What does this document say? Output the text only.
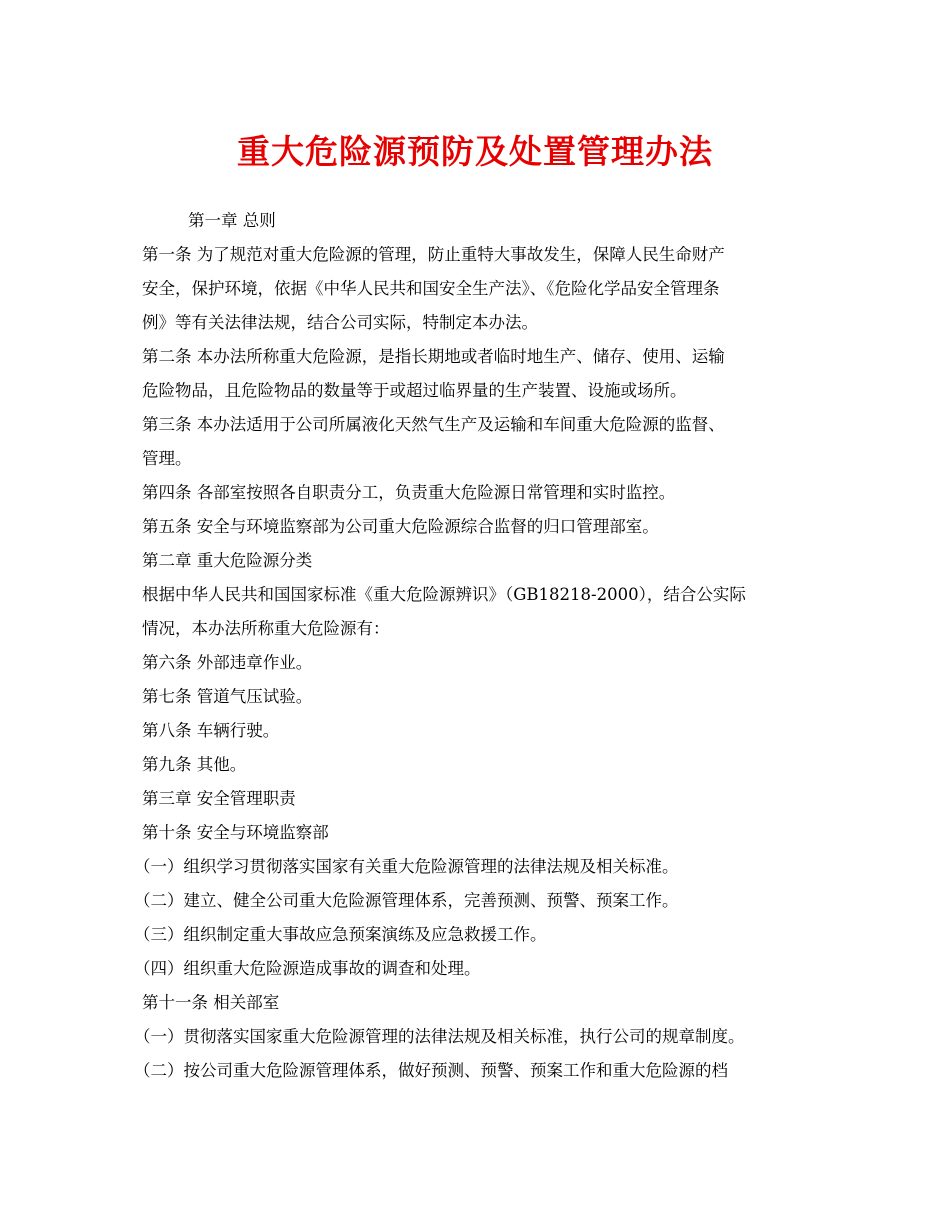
重大危险源预防及处置管理办法
第一章 总则
第一条 为了规范对重大危险源的管理，防止重特大事故发生，保障人民生命财产
安全，保护环境，依据《中华人民共和国安全生产法》、《危险化学品安全管理条
例》等有关法律法规，结合公司实际，特制定本办法。
第二条 本办法所称重大危险源，是指长期地或者临时地生产、储存、使用、运输
危险物品，且危险物品的数量等于或超过临界量的生产装置、设施或场所。
第三条 本办法适用于公司所属液化天然气生产及运输和车间重大危险源的监督、
管理。
第四条 各部室按照各自职责分工，负责重大危险源日常管理和实时监控。
第五条 安全与环境监察部为公司重大危险源综合监督的归口管理部室。
第二章 重大危险源分类
根据中华人民共和国国家标准《重大危险源辨识》（GB18218-2000），结合公实际
情况，本办法所称重大危险源有：
第六条 外部违章作业。
第七条 管道气压试验。
第八条 车辆行驶。
第九条 其他。
第三章 安全管理职责
第十条 安全与环境监察部
（一）组织学习贯彻落实国家有关重大危险源管理的法律法规及相关标准。
（二）建立、健全公司重大危险源管理体系，完善预测、预警、预案工作。
（三）组织制定重大事故应急预案演练及应急救援工作。
（四）组织重大危险源造成事故的调查和处理。
第十一条 相关部室
（一）贯彻落实国家重大危险源管理的法律法规及相关标准，执行公司的规章制度。
（二）按公司重大危险源管理体系，做好预测、预警、预案工作和重大危险源的档
